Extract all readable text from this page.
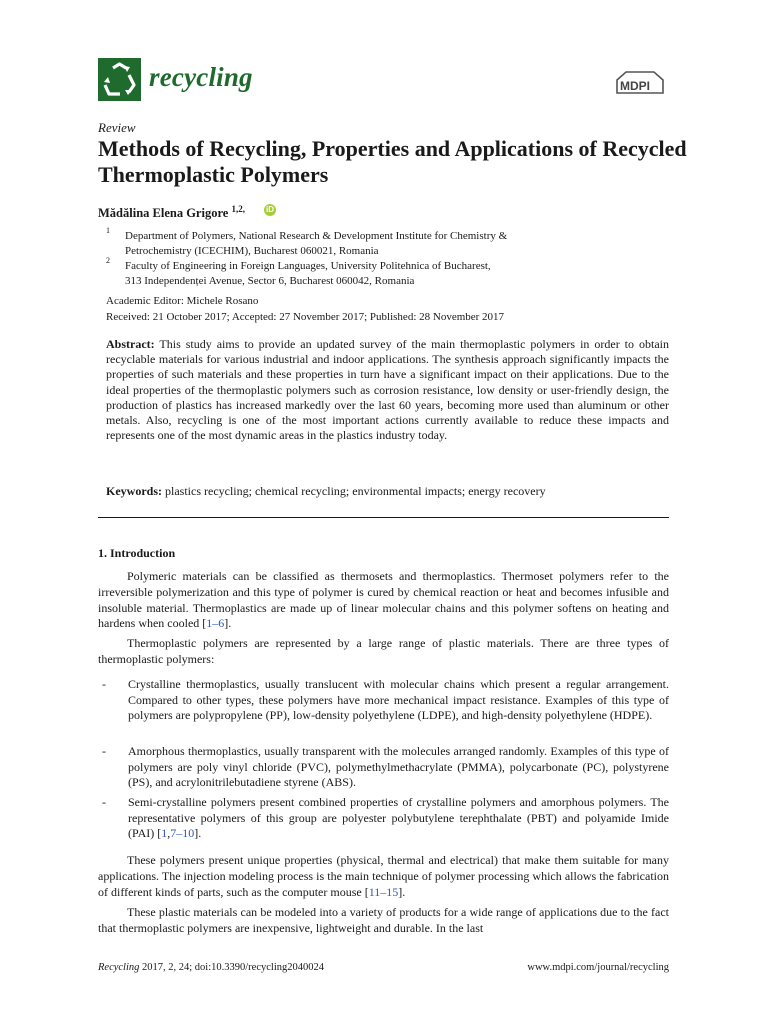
recycling	MDPI
Review
Methods of Recycling, Properties and Applications of Recycled Thermoplastic Polymers
Mădălina Elena Grigore $^{1,2,}$	iD
1 Department of Polymers, National Research & Development Institute for Chemistry &
Petrochemistry (ICECHIM), Bucharest 060021, Romania
2 Faculty of Engineering in Foreign Languages, University Politehnica of Bucharest,
313 Independenței Avenue, Sector 6, Bucharest 060042, Romania
Academic Editor: Michele Rosano
Received: 21 October 2017; Accepted: 27 November 2017; Published: 28 November 2017
Abstract: This study aims to provide an updated survey of the main thermoplastic polymers in order to obtain recyclable materials for various industrial and indoor applications. The synthesis approach significantly impacts the properties of such materials and these properties in turn have a significant impact on their applications. Due to the ideal properties of the thermoplastic polymers such as corrosion resistance, low density or user-friendly design, the production of plastics has increased markedly over the last 60 years, becoming more used than aluminum or other metals. Also, recycling is one of the most important actions currently available to reduce these impacts and represents one of the most dynamic areas in the plastics industry today.
Keywords: plastics recycling; chemical recycling; environmental impacts; energy recovery
1. Introduction
Polymeric materials can be classified as thermosets and thermoplastics. Thermoset polymers refer to the irreversible polymerization and this type of polymer is cured by chemical reaction or heat and becomes infusible and insoluble material. Thermoplastics are made up of linear molecular chains and this polymer softens on heating and hardens when cooled [1–6].
Thermoplastic polymers are represented by a large range of plastic materials. There are three types of thermoplastic polymers:
- Crystalline thermoplastics, usually translucent with molecular chains which present a regular arrangement. Compared to other types, these polymers have more mechanical impact resistance. Examples of this type of polymers are polypropylene (PP), low-density polyethylene (LDPE), and high-density polyethylene (HDPE).
- Amorphous thermoplastics, usually transparent with the molecules arranged randomly. Examples of this type of polymers are poly vinyl chloride (PVC), polymethylmethacrylate (PMMA), polycarbonate (PC), polystyrene (PS), and acrylonitrilebutadiene styrene (ABS).
- Semi-crystalline polymers present combined properties of crystalline polymers and amorphous polymers. The representative polymers of this group are polyester polybutylene terephthalate (PBT) and polyamide Imide (PAI) [1,7–10].
These polymers present unique properties (physical, thermal and electrical) that make them suitable for many applications. The injection modeling process is the main technique of polymer processing which allows the fabrication of different kinds of parts, such as the computer mouse [11–15].
These plastic materials can be modeled into a variety of products for a wide range of applications due to the fact that thermoplastic polymers are inexpensive, lightweight and durable. In the last
Recycling 2017, 2, 24; doi:10.3390/recycling2040024	www.mdpi.com/journal/recycling
